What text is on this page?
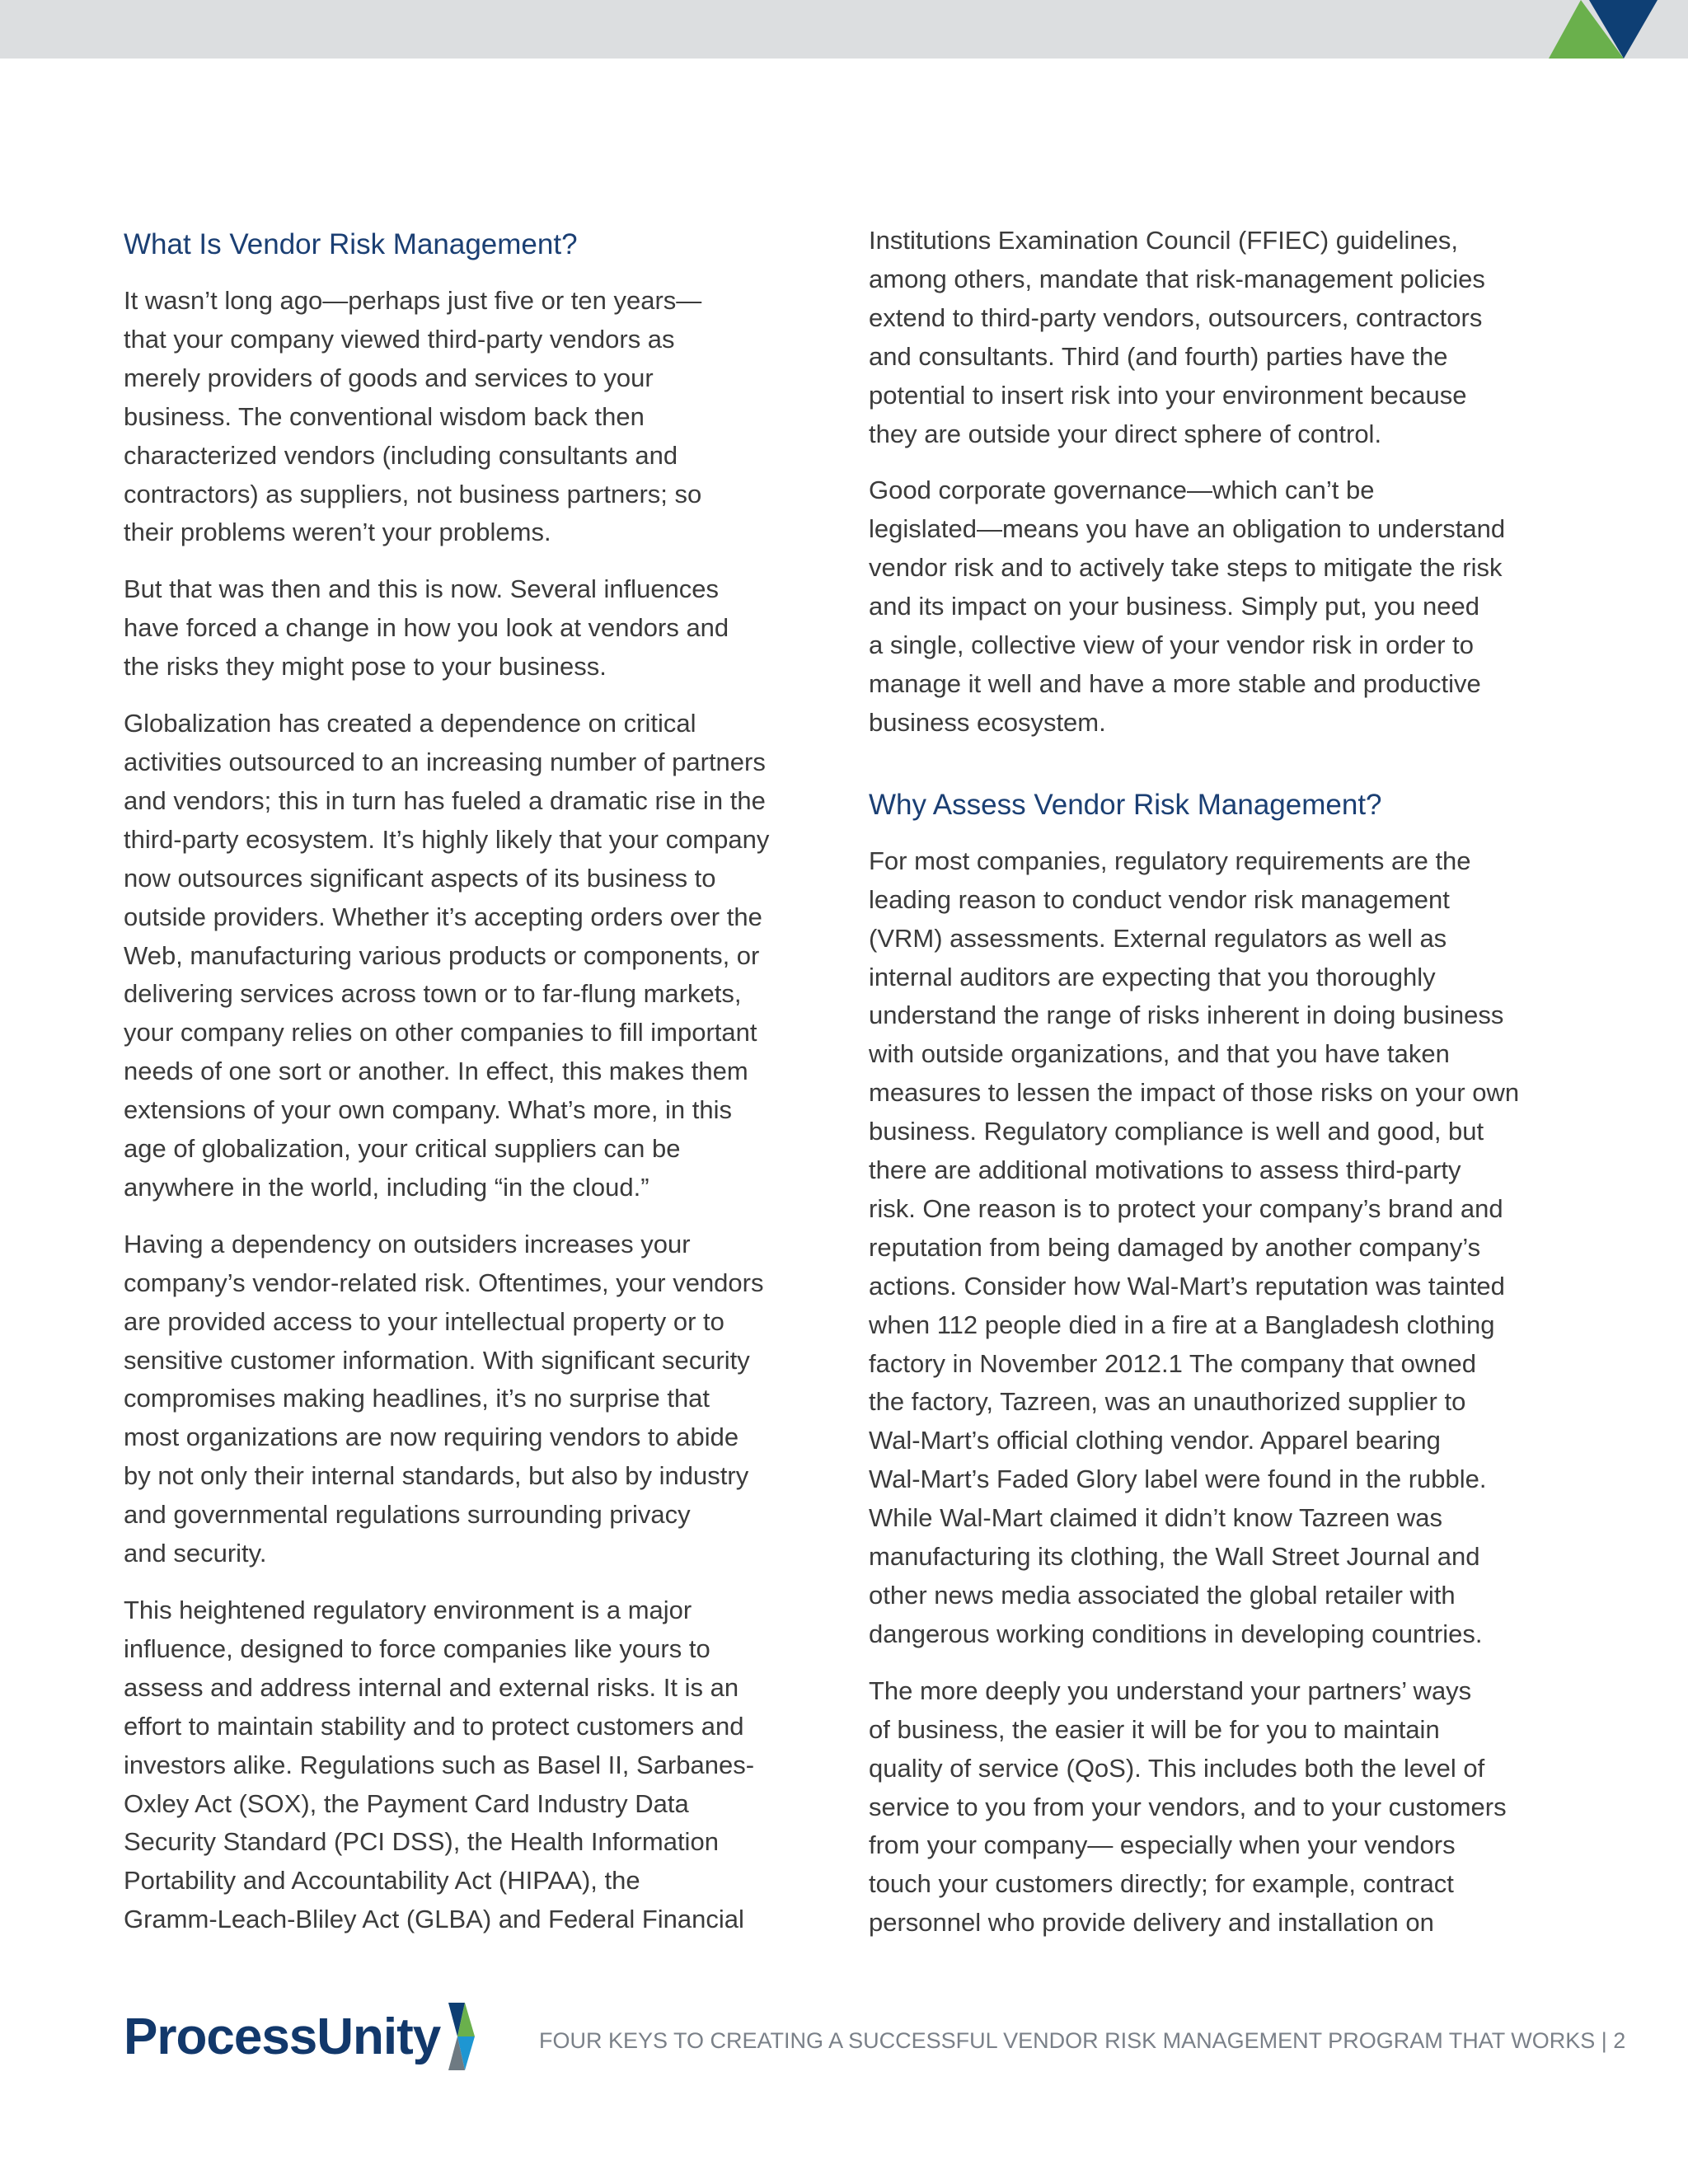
What Is Vendor Risk Management?

It wasn’t long ago—perhaps just five or ten years—
that your company viewed third-party vendors as
merely providers of goods and services to your
business. The conventional wisdom back then
characterized vendors (including consultants and
contractors) as suppliers, not business partners; so
their problems weren’t your problems.

But that was then and this is now. Several influences
have forced a change in how you look at vendors and
the risks they might pose to your business.

Globalization has created a dependence on critical
activities outsourced to an increasing number of partners
and vendors; this in turn has fueled a dramatic rise in the
third-party ecosystem. It’s highly likely that your company
now outsources significant aspects of its business to
outside providers. Whether it’s accepting orders over the
Web, manufacturing various products or components, or
delivering services across town or to far-flung markets,
your company relies on other companies to fill important
needs of one sort or another. In effect, this makes them
extensions of your own company. What’s more, in this
age of globalization, your critical suppliers can be
anywhere in the world, including “in the cloud.”

Having a dependency on outsiders increases your
company’s vendor-related risk. Oftentimes, your vendors
are provided access to your intellectual property or to
sensitive customer information. With significant security
compromises making headlines, it’s no surprise that
most organizations are now requiring vendors to abide
by not only their internal standards, but also by industry
and governmental regulations surrounding privacy
and security.

This heightened regulatory environment is a major
influence, designed to force companies like yours to
assess and address internal and external risks. It is an
effort to maintain stability and to protect customers and
investors alike. Regulations such as Basel II, Sarbanes-
Oxley Act (SOX), the Payment Card Industry Data
Security Standard (PCI DSS), the Health Information
Portability and Accountability Act (HIPAA), the
Gramm-Leach-Bliley Act (GLBA) and Federal Financial

Institutions Examination Council (FFIEC) guidelines,
among others, mandate that risk-management policies
extend to third-party vendors, outsourcers, contractors
and consultants. Third (and fourth) parties have the
potential to insert risk into your environment because
they are outside your direct sphere of control.

Good corporate governance—which can’t be
legislated—means you have an obligation to understand
vendor risk and to actively take steps to mitigate the risk
and its impact on your business. Simply put, you need
a single, collective view of your vendor risk in order to
manage it well and have a more stable and productive
business ecosystem.

Why Assess Vendor Risk Management?

For most companies, regulatory requirements are the
leading reason to conduct vendor risk management
(VRM) assessments. External regulators as well as
internal auditors are expecting that you thoroughly
understand the range of risks inherent in doing business
with outside organizations, and that you have taken
measures to lessen the impact of those risks on your own
business. Regulatory compliance is well and good, but
there are additional motivations to assess third-party
risk. One reason is to protect your company’s brand and
reputation from being damaged by another company’s
actions. Consider how Wal-Mart’s reputation was tainted
when 112 people died in a fire at a Bangladesh clothing
factory in November 2012.1 The company that owned
the factory, Tazreen, was an unauthorized supplier to
Wal-Mart’s official clothing vendor. Apparel bearing
Wal-Mart’s Faded Glory label were found in the rubble.
While Wal-Mart claimed it didn’t know Tazreen was
manufacturing its clothing, the Wall Street Journal and
other news media associated the global retailer with
dangerous working conditions in developing countries.

The more deeply you understand your partners’ ways
of business, the easier it will be for you to maintain
quality of service (QoS). This includes both the level of
service to you from your vendors, and to your customers
from your company— especially when your vendors
touch your customers directly; for example, contract
personnel who provide delivery and installation on

ProcessUnity	FOUR KEYS TO CREATING A SUCCESSFUL VENDOR RISK MANAGEMENT PROGRAM THAT WORKS | 2
